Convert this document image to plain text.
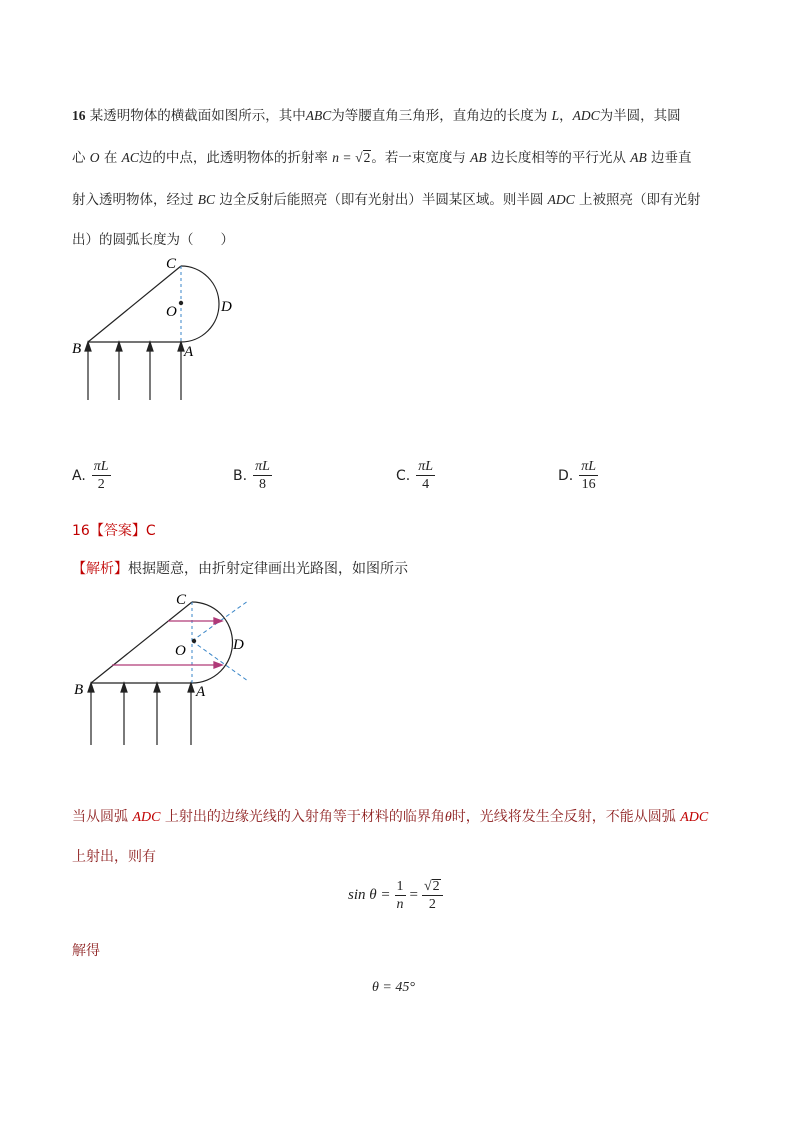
16 某透明物体的横截面如图所示，其中ABC为等腰直角三角形，直角边的长度为 L，ADC为半圆，其圆
心 O 在 AC边的中点，此透明物体的折射率 n = √2。若一束宽度与 AB 边长度相等的平行光从 AB 边垂直
射入透明物体，经过 BC 边全反射后能照亮（即有光射出）半圆某区域。则半圆 ADC 上被照亮（即有光射
出）的圆弧长度为（　　）
C
O	D
B	A
A. $\frac{\pi L}{2}$	B. $\frac{\pi L}{8}$	C. $\frac{\pi L}{4}$	D. $\frac{\pi L}{16}$
16【答案】C
【解析】根据题意，由折射定律画出光路图，如图所示
C
O	D
B	A
当从圆弧 ADC 上射出的边缘光线的入射角等于材料的临界角θ时，光线将发生全反射，不能从圆弧 ADC
上射出，则有
$\sin \theta = \frac{1}{n} = \frac{√2}{2}$
解得
θ = 45°
